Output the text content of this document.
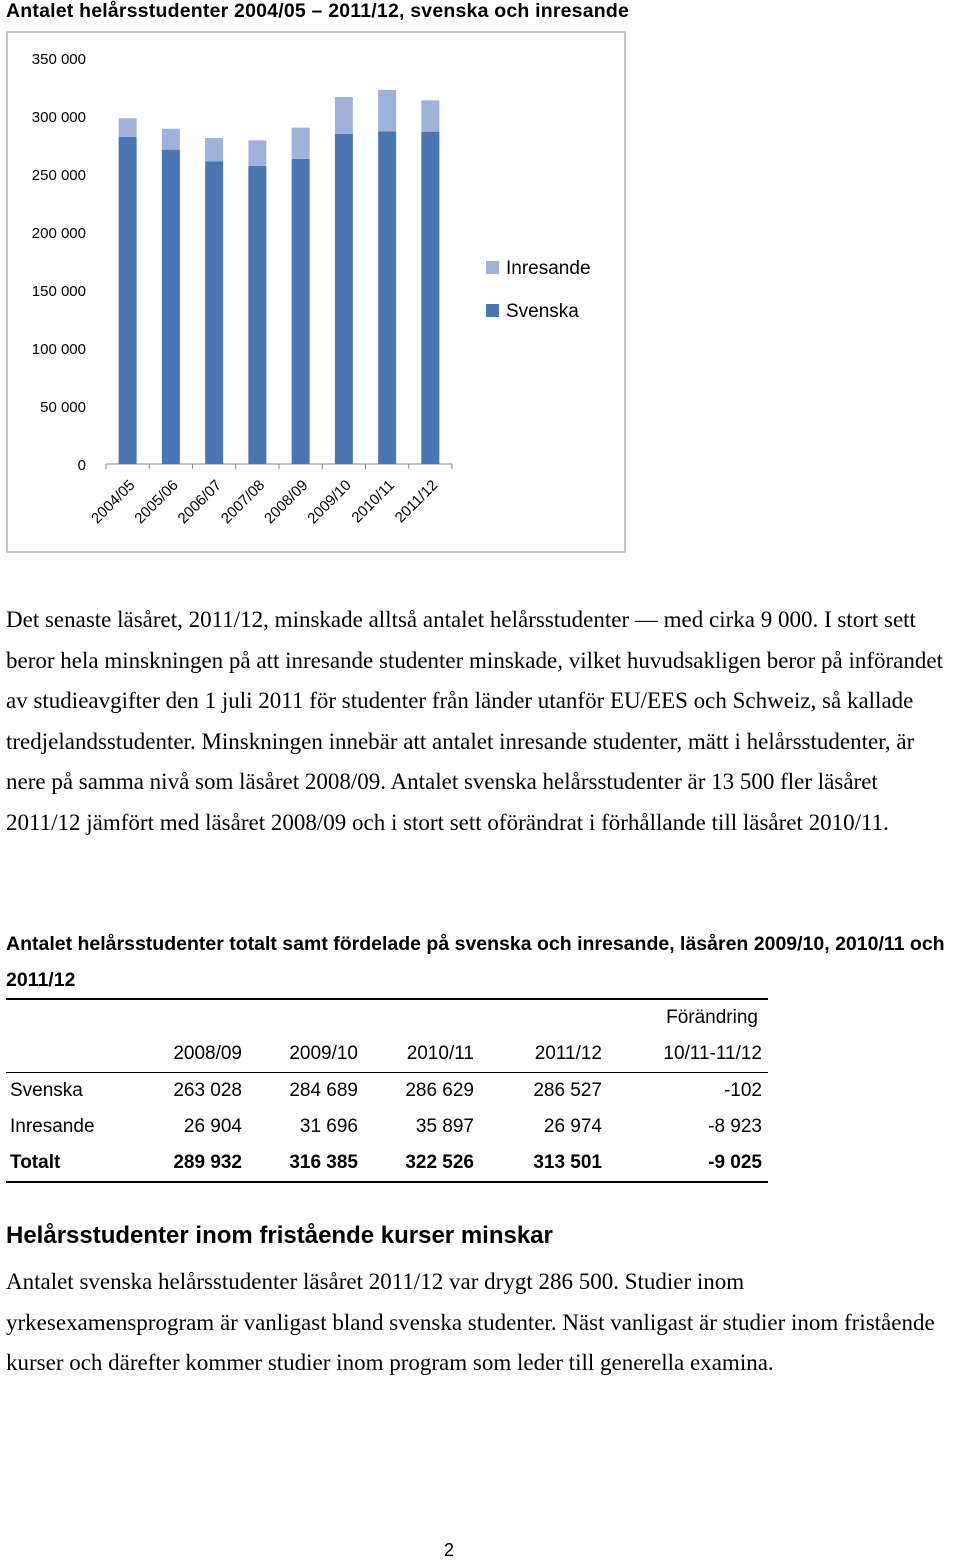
Antalet helårsstudenter 2004/05 – 2011/12, svenska och inresande
0
50 000
100 000
150 000
200 000
250 000
300 000
350 000
2004/05
2005/06
2006/07
2007/08
2008/09
2009/10
2010/11
2011/12
Inresande
Svenska
Det senaste läsåret, 2011/12, minskade alltså antalet helårsstudenter — med cirka 9 000. I stort sett beror hela minskningen på att inresande studenter minskade, vilket huvudsakligen beror på införandet av studieavgifter den 1 juli 2011 för studenter från länder utanför EU/EES och Schweiz, så kallade tredjelandsstudenter. Minskningen innebär att antalet inresande studenter, mätt i helårsstudenter, är nere på samma nivå som läsåret 2008/09. Antalet svenska helårsstudenter är 13 500 fler läsåret 2011/12 jämfört med läsåret 2008/09 och i stort sett oförändrat i förhållande till läsåret 2010/11.
Antalet helårsstudenter totalt samt fördelade på svenska och inresande, läsåren 2009/10, 2010/11 och 2011/12
					Förändring
	2008/09	2009/10	2010/11	2011/12	10/11-11/12
Svenska	263 028	284 689	286 629	286 527	-102
Inresande	26 904	31 696	35 897	26 974	-8 923
Totalt	289 932	316 385	322 526	313 501	-9 025
Helårsstudenter inom fristående kurser minskar
Antalet svenska helårsstudenter läsåret 2011/12 var drygt 286 500. Studier inom yrkesexamensprogram är vanligast bland svenska studenter. Näst vanligast är studier inom fristående kurser och därefter kommer studier inom program som leder till generella examina.
2
